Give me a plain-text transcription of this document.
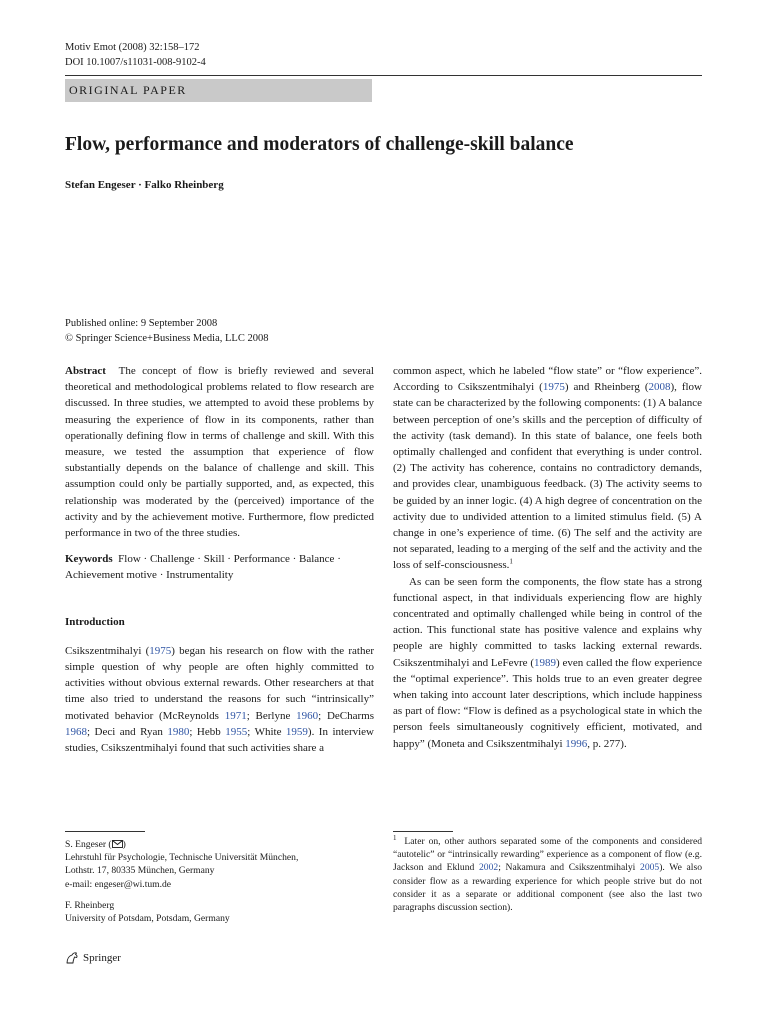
Motiv Emot (2008) 32:158–172
DOI 10.1007/s11031-008-9102-4
ORIGINAL PAPER
Flow, performance and moderators of challenge-skill balance
Stefan Engeser · Falko Rheinberg
Published online: 9 September 2008
© Springer Science+Business Media, LLC 2008

Abstract The concept of flow is briefly reviewed and several theoretical and methodological problems related to flow research are discussed. In three studies, we attempted to avoid these problems by measuring the experience of flow in its components, rather than operationally defining flow in terms of challenge and skill. With this measure, we tested the assumption that experience of flow substantially depends on the balance of challenge and skill. This assumption could only be partially supported, and, as expected, this relationship was moderated by the (perceived) importance of the activity and by the achievement motive. Furthermore, flow predicted performance in two of the three studies.

Keywords Flow · Challenge · Skill · Performance · Balance · Achievement motive · Instrumentality

Introduction

Csikszentmihalyi (1975) began his research on flow with the rather simple question of why people are often highly committed to activities without obvious external rewards. Other researchers at that time also tried to understand the reasons for such “intrinsically” motivated behavior (McReynolds 1971; Berlyne 1960; DeCharms 1968; Deci and Ryan 1980; Hebb 1955; White 1959). In interview studies, Csikszentmihalyi found that such activities share a

common aspect, which he labeled “flow state” or “flow experience”. According to Csikszentmihalyi (1975) and Rheinberg (2008), flow state can be characterized by the following components: (1) A balance between perception of one’s skills and the perception of difficulty of the activity (task demand). In this state of balance, one feels both optimally challenged and confident that everything is under control. (2) The activity has coherence, contains no contradictory demands, and provides clear, unambiguous feedback. (3) The activity seems to be guided by an inner logic. (4) A high degree of concentration on the activity due to undivided attention to a limited stimulus field. (5) A change in one’s experience of time. (6) The self and the activity are not separated, leading to a merging of the self and the activity and the loss of self-consciousness.$^1$

As can be seen form the components, the flow state has a strong functional aspect, in that individuals experiencing flow are highly concentrated and optimally challenged while being in control of the action. This functional state has positive valence and explains why people are highly committed to tasks lacking external rewards. Csikszentmihalyi and LeFevre (1989) even called the flow experience the “optimal experience”. This holds true to an even greater degree when taking into account later descriptions, which include happiness as part of flow: “Flow is defined as a psychological state in which the person feels simultaneously cognitively efficient, motivated, and happy” (Moneta and Csikszentmihalyi 1996, p. 277).

S. Engeser ( )
Lehrstuhl für Psychologie, Technische Universität München,
Lothstr. 17, 80335 München, Germany
e-mail: engeser@wi.tum.de
F. Rheinberg
University of Potsdam, Potsdam, Germany

$^1$ Later on, other authors separated some of the components and considered “autotelic” or “intrinsically rewarding” experience as a component of flow (e.g. Jackson and Eklund 2002; Nakamura and Csikszentmihalyi 2005). We also consider flow as a rewarding experience for which people strive but do not consider it as a separate or additional component (see also the last two paragraphs discussion section).

Springer
